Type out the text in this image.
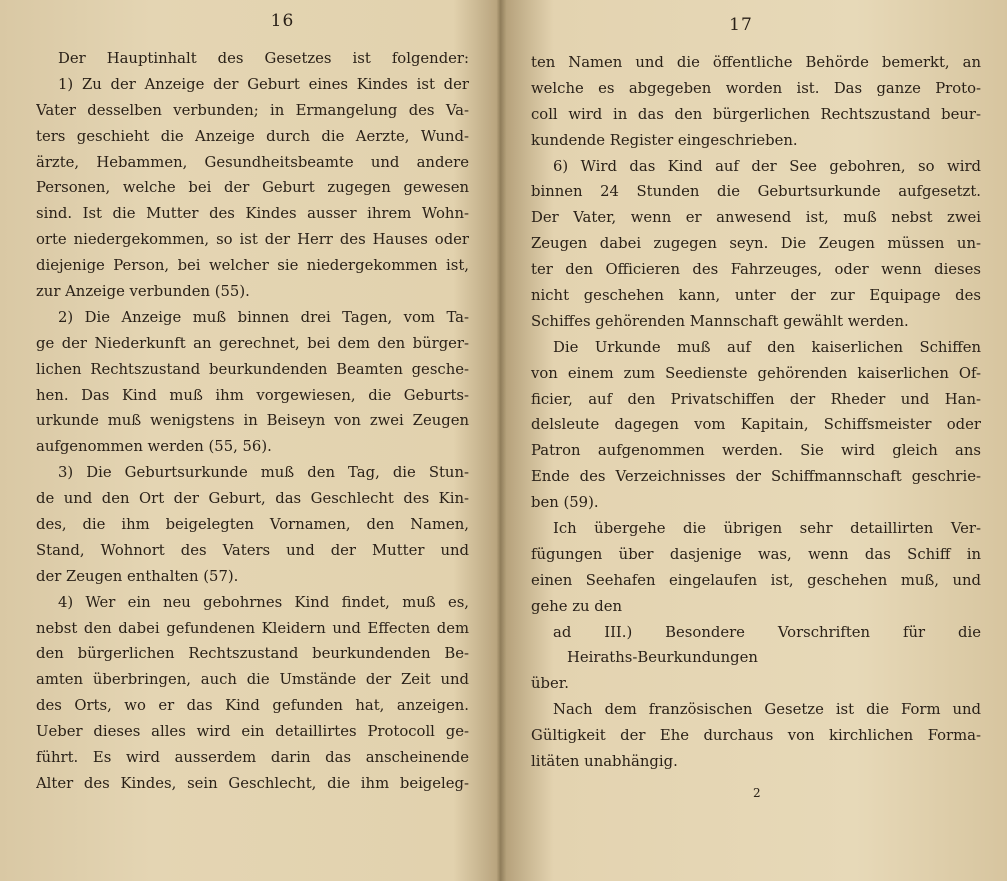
16
Der Hauptinhalt des Gesetzes ist folgender:
1) Zu der Anzeige der Geburt eines Kindes ist der
Vater desselben verbunden; in Ermangelung des Va-
ters geschieht die Anzeige durch die Aerzte, Wund-
ärzte, Hebammen, Gesundheitsbeamte und andere
Personen, welche bei der Geburt zugegen gewesen
sind. Ist die Mutter des Kindes ausser ihrem Wohn-
orte niedergekommen, so ist der Herr des Hauses oder
diejenige Person, bei welcher sie niedergekommen ist,
zur Anzeige verbunden (55).
2) Die Anzeige muß binnen drei Tagen, vom Ta-
ge der Niederkunft an gerechnet, bei dem den bürger-
lichen Rechtszustand beurkundenden Beamten gesche-
hen. Das Kind muß ihm vorgewiesen, die Geburts-
urkunde muß wenigstens in Beiseyn von zwei Zeugen
aufgenommen werden (55, 56).
3) Die Geburtsurkunde muß den Tag, die Stun-
de und den Ort der Geburt, das Geschlecht des Kin-
des, die ihm beigelegten Vornamen, den Namen,
Stand, Wohnort des Vaters und der Mutter und
der Zeugen enthalten (57).
4) Wer ein neu gebohrnes Kind findet, muß es,
nebst den dabei gefundenen Kleidern und Effecten dem
den bürgerlichen Rechtszustand beurkundenden Be-
amten überbringen, auch die Umstände der Zeit und
des Orts, wo er das Kind gefunden hat, anzeigen.
Ueber dieses alles wird ein detaillirtes Protocoll ge-
führt. Es wird ausserdem darin das anscheinende
Alter des Kindes, sein Geschlecht, die ihm beigeleg-
17
ten Namen und die öffentliche Behörde bemerkt, an
welche es abgegeben worden ist. Das ganze Proto-
coll wird in das den bürgerlichen Rechtszustand beur-
kundende Register eingeschrieben.
6) Wird das Kind auf der See gebohren, so wird
binnen 24 Stunden die Geburtsurkunde aufgesetzt.
Der Vater, wenn er anwesend ist, muß nebst zwei
Zeugen dabei zugegen seyn. Die Zeugen müssen un-
ter den Officieren des Fahrzeuges, oder wenn dieses
nicht geschehen kann, unter der zur Equipage des
Schiffes gehörenden Mannschaft gewählt werden.
Die Urkunde muß auf den kaiserlichen Schiffen
von einem zum Seedienste gehörenden kaiserlichen Of-
ficier, auf den Privatschiffen der Rheder und Han-
delsleute dagegen vom Kapitain, Schiffsmeister oder
Patron aufgenommen werden. Sie wird gleich ans
Ende des Verzeichnisses der Schiffmannschaft geschrie-
ben (59).
Ich übergehe die übrigen sehr detaillirten Ver-
fügungen über dasjenige was, wenn das Schiff in
einen Seehafen eingelaufen ist, geschehen muß, und
gehe zu den
ad III.) Besondere Vorschriften für die
Heiraths-Beurkundungen
über.
Nach dem französischen Gesetze ist die Form und
Gültigkeit der Ehe durchaus von kirchlichen Forma-
litäten unabhängig.
2
